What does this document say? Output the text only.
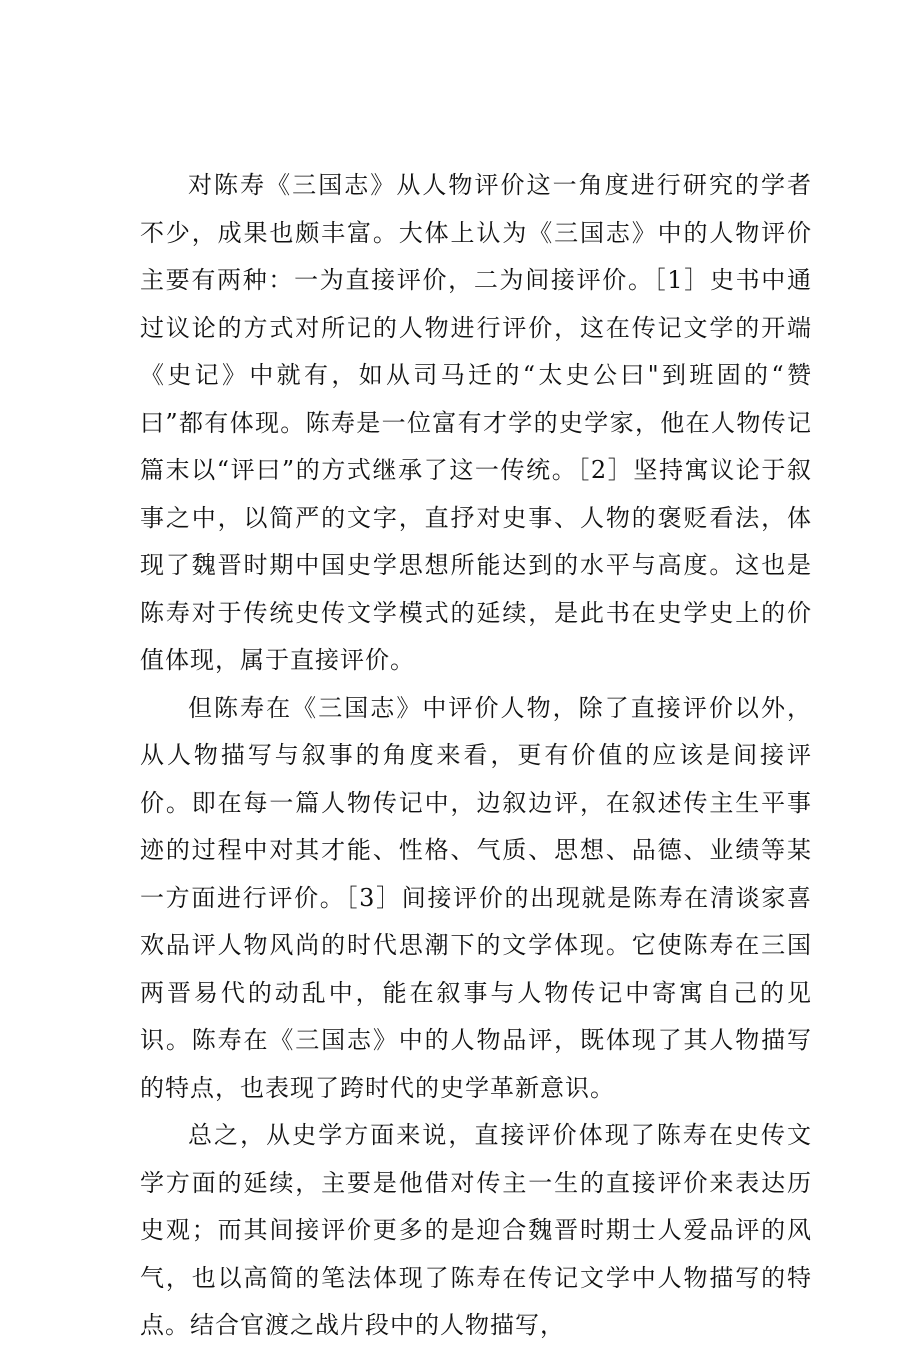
对陈寿《三国志》从人物评价这一角度进行研究的学者不少，成果也颇丰富。大体上认为《三国志》中的人物评价主要有两种：一为直接评价，二为间接评价。［1］史书中通过议论的方式对所记的人物进行评价，这在传记文学的开端《史记》中就有，如从司马迁的“太史公曰"到班固的“赞曰”都有体现。陈寿是一位富有才学的史学家，他在人物传记篇末以“评曰”的方式继承了这一传统。［2］坚持寓议论于叙事之中，以简严的文字，直抒对史事、人物的褒贬看法，体现了魏晋时期中国史学思想所能达到的水平与高度。这也是陈寿对于传统史传文学模式的延续，是此书在史学史上的价值体现，属于直接评价。

但陈寿在《三国志》中评价人物，除了直接评价以外，从人物描写与叙事的角度来看，更有价值的应该是间接评价。即在每一篇人物传记中，边叙边评，在叙述传主生平事迹的过程中对其才能、性格、气质、思想、品德、业绩等某一方面进行评价。［3］间接评价的出现就是陈寿在清谈家喜欢品评人物风尚的时代思潮下的文学体现。它使陈寿在三国两晋易代的动乱中，能在叙事与人物传记中寄寓自己的见识。陈寿在《三国志》中的人物品评，既体现了其人物描写的特点，也表现了跨时代的史学革新意识。

总之，从史学方面来说，直接评价体现了陈寿在史传文学方面的延续，主要是他借对传主一生的直接评价来表达历史观；而其间接评价更多的是迎合魏晋时期士人爱品评的风气，也以高简的笔法体现了陈寿在传记文学中人物描写的特点。结合官渡之战片段中的人物描写，
